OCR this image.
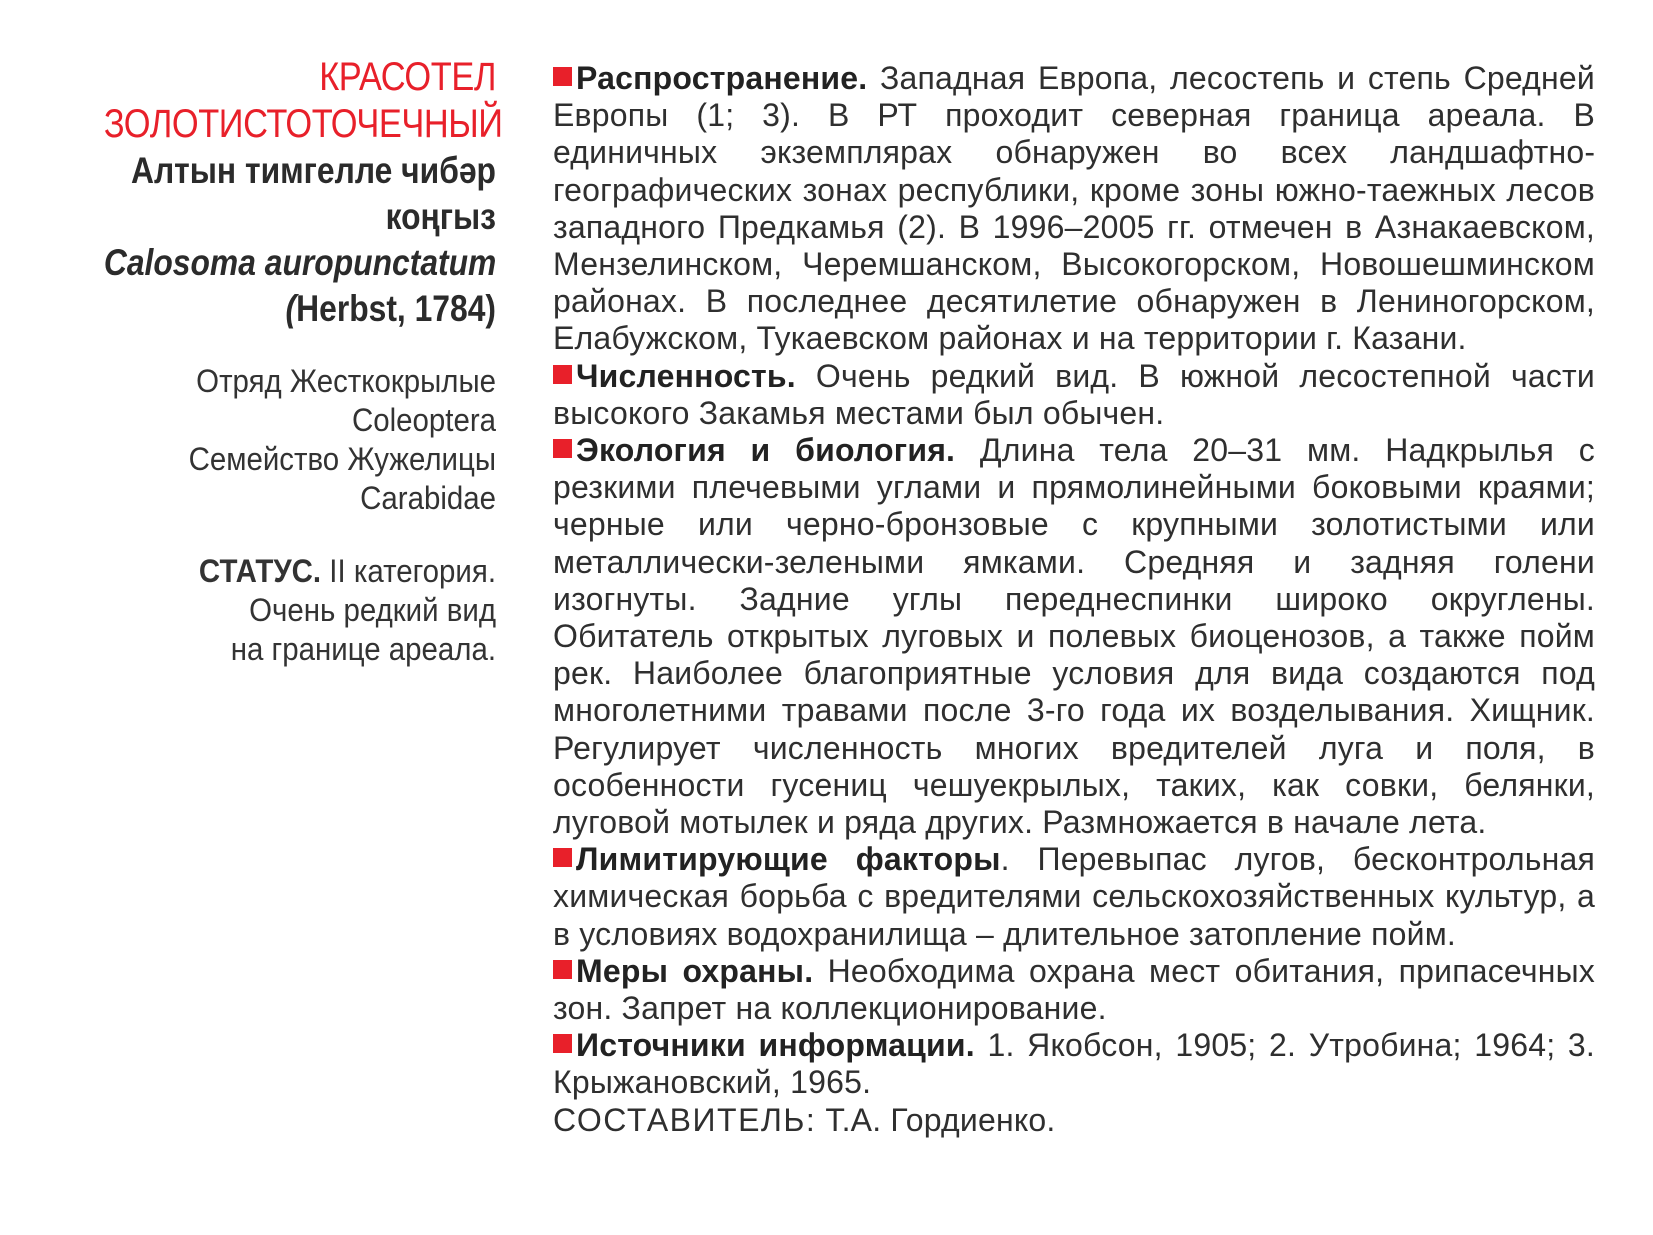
КРАСОТЕЛ
ЗОЛОТИСТОТОЧЕЧНЫЙ
Алтын тимгелле чибәр
коңгыз
Calosoma auropunctatum
(Herbst, 1784)
Отряд Жесткокрылые
Coleoptera
Семейство Жужелицы
Carabidae
СТАТУС. II категория.
Очень редкий вид
на границе ареала.

Распространение. Западная Европа, лесостепь и степь Средней Европы (1; 3). В РТ проходит северная граница ареала. В единичных экземплярах обнаружен во всех ландшафтногеографических зонах республики, кроме зоны южно-таежных лесов западного Предкамья (2). В 1996–2005 гг. отмечен в Азнакаевском, Мензелинском, Черемшанском, Высокогорском, Новошешминском районах. В последнее десятилетие обнаружен в Лениногорском, Елабужском, Тукаевском районах и на территории г. Казани.

Численность. Очень редкий вид. В южной лесостепной части высокого Закамья местами был обычен.

Экология и биология. Длина тела 20–31 мм. Надкрылья с резкими плечевыми углами и прямолинейными боковыми краями; черные или черно-бронзовые с крупными золотистыми или металлически-зелеными ямками. Средняя и задняя голени изогнуты. Задние углы переднеспинки широко округлены. Обитатель открытых луговых и полевых биоценозов, а также пойм рек. Наиболее благоприятные условия для вида создаются под многолетними травами после 3-го года их возделывания. Хищник. Регулирует численность многих вредителей луга и поля, в особенности гусениц чешуекрылых, таких, как совки, белянки, луговой мотылек и ряда других. Размножается в начале лета.

Лимитирующие факторы. Перевыпас лугов, бесконтрольная химическая борьба с вредителями сельскохозяйственных культур, а в условиях водохранилища – длительное затопление пойм.

Меры охраны. Необходима охрана мест обитания, припасечных зон. Запрет на коллекционирование.

Источники информации. 1. Якобсон, 1905; 2. Утробина; 1964; 3. Крыжановский, 1965.

СОСТАВИТЕЛЬ: Т.А. Гордиенко.
